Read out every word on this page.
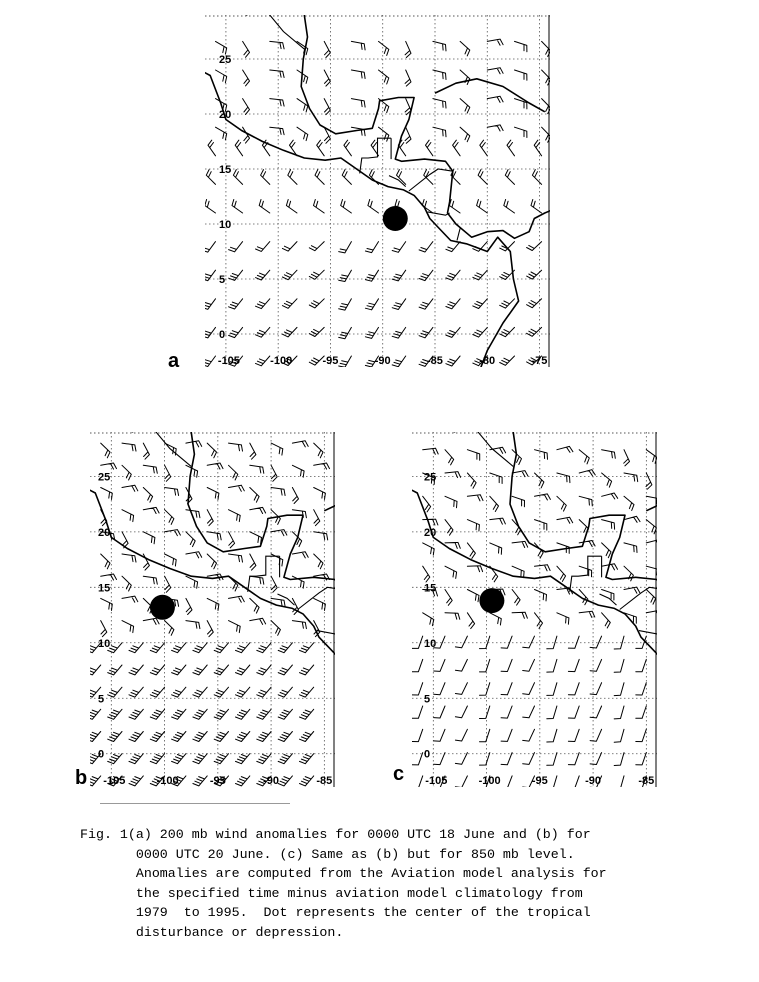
25
20
15
10
5
0
-105	-100	-95	-90	-85	-80	-75
a
25
20
15
10
5
0
-105	-100	-95	-90	-85
b
25
20
15
10
5
0
-105	-100	-95	-90	-85
c
Fig. 1(a) 200 mb wind anomalies for 0000 UTC 18 June and (b) for
0000 UTC 20 June. (c) Same as (b) but for 850 mb level.
Anomalies are computed from the Aviation model analysis for
the specified time minus aviation model climatology from
1979  to 1995.  Dot represents the center of the tropical
disturbance or depression.
